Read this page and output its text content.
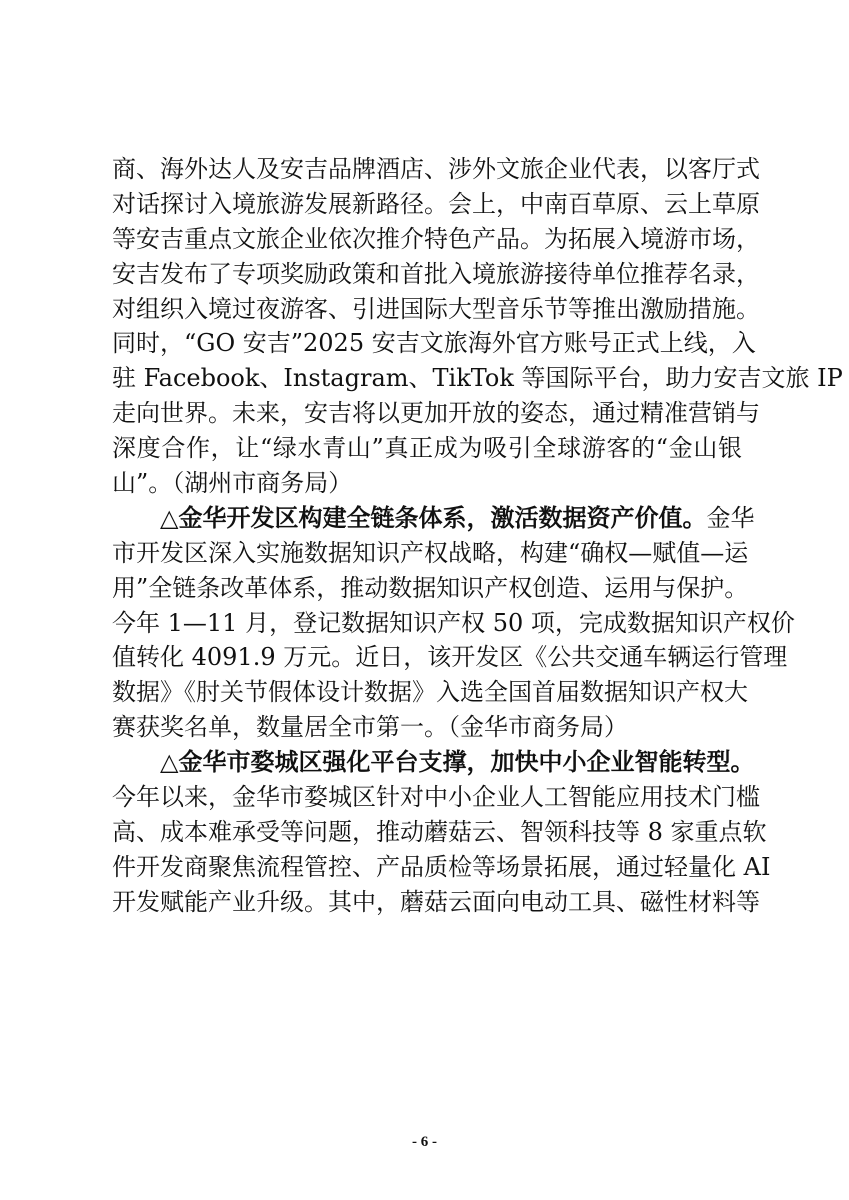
商、海外达人及安吉品牌酒店、涉外文旅企业代表，以客厅式
对话探讨入境旅游发展新路径。会上，中南百草原、云上草原
等安吉重点文旅企业依次推介特色产品。为拓展入境游市场，
安吉发布了专项奖励政策和首批入境旅游接待单位推荐名录，
对组织入境过夜游客、引进国际大型音乐节等推出激励措施。
同时，“GO 安吉”2025 安吉文旅海外官方账号正式上线，入
驻 Facebook、Instagram、TikTok 等国际平台，助力安吉文旅 IP
走向世界。未来，安吉将以更加开放的姿态，通过精准营销与
深度合作，让“绿水青山”真正成为吸引全球游客的“金山银
山”。（湖州市商务局）
△金华开发区构建全链条体系，激活数据资产价值。金华
市开发区深入实施数据知识产权战略，构建“确权—赋值—运
用”全链条改革体系，推动数据知识产权创造、运用与保护。
今年 1—11 月，登记数据知识产权 50 项，完成数据知识产权价
值转化 4091.9 万元。近日，该开发区《公共交通车辆运行管理
数据》《肘关节假体设计数据》入选全国首届数据知识产权大
赛获奖名单，数量居全市第一。（金华市商务局）
△金华市婺城区强化平台支撑，加快中小企业智能转型。
今年以来，金华市婺城区针对中小企业人工智能应用技术门槛
高、成本难承受等问题，推动蘑菇云、智领科技等 8 家重点软
件开发商聚焦流程管控、产品质检等场景拓展，通过轻量化 AI
开发赋能产业升级。其中，蘑菇云面向电动工具、磁性材料等
- 6 -
